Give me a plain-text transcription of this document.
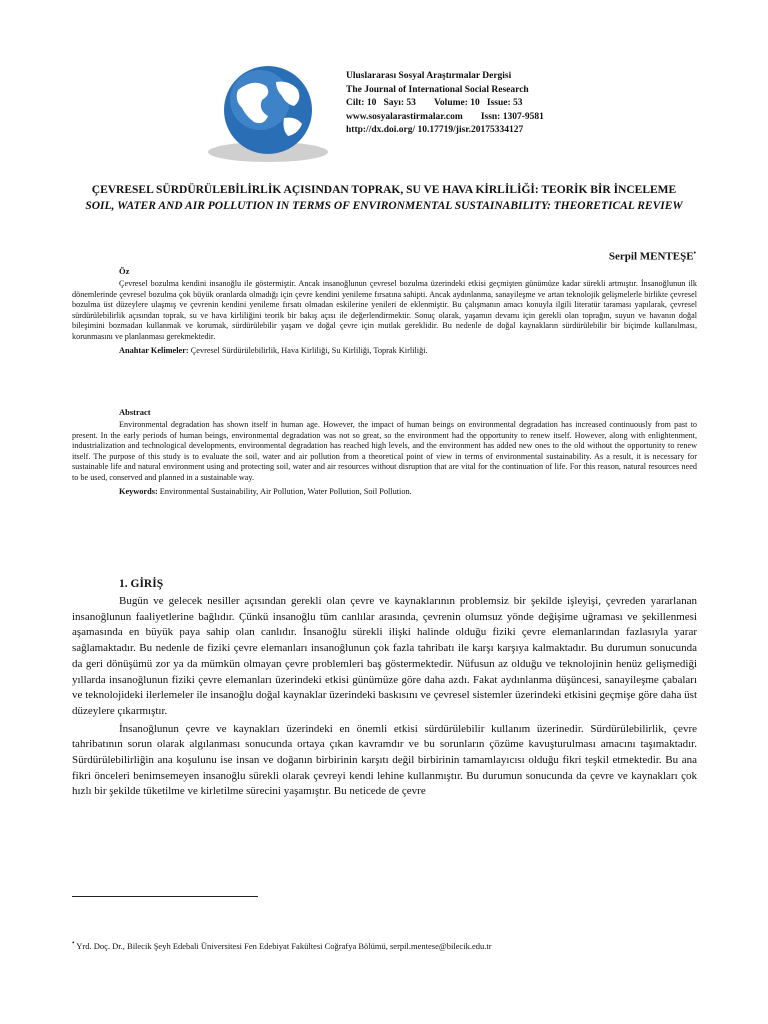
Uluslararası Sosyal Araştırmalar Dergisi
The Journal of International Social Research
Cilt: 10   Sayı: 53 Volume: 10   Issue: 53
www.sosyalarastirmalar.com Issn: 1307-9581
http://dx.doi.org/ 10.17719/jisr.20175334127
ÇEVRESEL SÜRDÜRÜLEBİLİRLİK AÇISINDAN TOPRAK, SU VE HAVA KİRLİLİĞİ: TEORİK BİR İNCELEME
SOIL, WATER AND AIR POLLUTION IN TERMS OF ENVIRONMENTAL SUSTAINABILITY: THEORETICAL REVIEW
Serpil MENTEŞE•
Öz
Çevresel bozulma kendini insanoğlu ile göstermiştir. Ancak insanoğlunun çevresel bozulma üzerindeki etkisi geçmişten günümüze kadar sürekli artmıştır. İnsanoğlunun ilk dönemlerinde çevresel bozulma çok büyük oranlarda olmadığı için çevre kendini yenileme fırsatına sahipti. Ancak aydınlanma, sanayileşme ve artan teknolojik gelişmelerle birlikte çevresel bozulma üst düzeylere ulaşmış ve çevrenin kendini yenileme fırsatı olmadan eskilerine yenileri de eklenmiştir. Bu çalışmanın amacı konuyla ilgili literatür taraması yapılarak, çevresel sürdürülebilirlik açısından toprak, su ve hava kirliliğini teorik bir bakış açısı ile değerlendirmektir. Sonuç olarak, yaşamın devamı için gerekli olan toprağın, suyun ve havanın doğal bileşimini bozmadan kullanmak ve korumak, sürdürülebilir yaşam ve doğal çevre için mutlak gereklidir. Bu nedenle de doğal kaynakların sürdürülebilir bir biçimde kullanılması, korunmasını ve planlanması gerekmektedir.
Anahtar Kelimeler: Çevresel Sürdürülebilirlik, Hava Kirliliği, Su Kirliliği, Toprak Kirliliği.
Abstract
Environmental degradation has shown itself in human age. However, the impact of human beings on environmental degradation has increased continuously from past to present. In the early periods of human beings, environmental degradation was not so great, so the environment had the opportunity to renew itself. However, along with enlightenment, industrialization and technological developments, environmental degradation has reached high levels, and the environment has added new ones to the old without the opportunity to renew itself. The purpose of this study is to evaluate the soil, water and air pollution from a theoretical point of view in terms of environmental sustainability. As a result, it is necessary for sustainable life and natural environment using and protecting soil, water and air resources without disruption that are vital for the continuation of life. For this reason, natural resources need to be used, conserved and planned in a sustainable way.
Keywords: Environmental Sustainability, Air Pollution, Water Pollution, Soil Pollution.
1. GİRİŞ

Bugün ve gelecek nesiller açısından gerekli olan çevre ve kaynaklarının problemsiz bir şekilde işleyişi, çevreden yararlanan insanoğlunun faaliyetlerine bağlıdır. Çünkü insanoğlu tüm canlılar arasında, çevrenin olumsuz yönde değişime uğraması ve şekillenmesi aşamasında en büyük paya sahip olan canlıdır. İnsanoğlu sürekli ilişki halinde olduğu fiziki çevre elemanlarından fazlasıyla yarar sağlamaktadır. Bu nedenle de fiziki çevre elemanları insanoğlunun çok fazla tahribatı ile karşı karşıya kalmaktadır. Bu durumun sonucunda da geri dönüşümü zor ya da mümkün olmayan çevre problemleri baş göstermektedir. Nüfusun az olduğu ve teknolojinin henüz gelişmediği yıllarda insanoğlunun fiziki çevre elemanları üzerindeki etkisi günümüze göre daha azdı. Fakat aydınlanma düşüncesi, sanayileşme çabaları ve teknolojideki ilerlemeler ile insanoğlu doğal kaynaklar üzerindeki baskısını ve çevresel sistemler üzerindeki etkisini geçmişe göre daha üst düzeylere çıkarmıştır.

İnsanoğlunun çevre ve kaynakları üzerindeki en önemli etkisi sürdürülebilir kullanım üzerinedir. Sürdürülebilirlik, çevre tahribatının sorun olarak algılanması sonucunda ortaya çıkan kavramdır ve bu sorunların çözüme kavuşturulması amacını taşımaktadır. Sürdürülebilirliğin ana koşulunu ise insan ve doğanın birbirinin karşıtı değil birbirinin tamamlayıcısı olduğu fikri teşkil etmektedir. Bu ana fikri önceleri benimsemeyen insanoğlu sürekli olarak çevreyi kendi lehine kullanmıştır. Bu durumun sonucunda da çevre ve kaynakları çok hızlı bir şekilde tüketilme ve kirletilme sürecini yaşamıştır. Bu neticede de çevre

• Yrd. Doç. Dr., Bilecik Şeyh Edebali Üniversitesi Fen Edebiyat Fakültesi Coğrafya Bölümü, serpil.mentese@bilecik.edu.tr
